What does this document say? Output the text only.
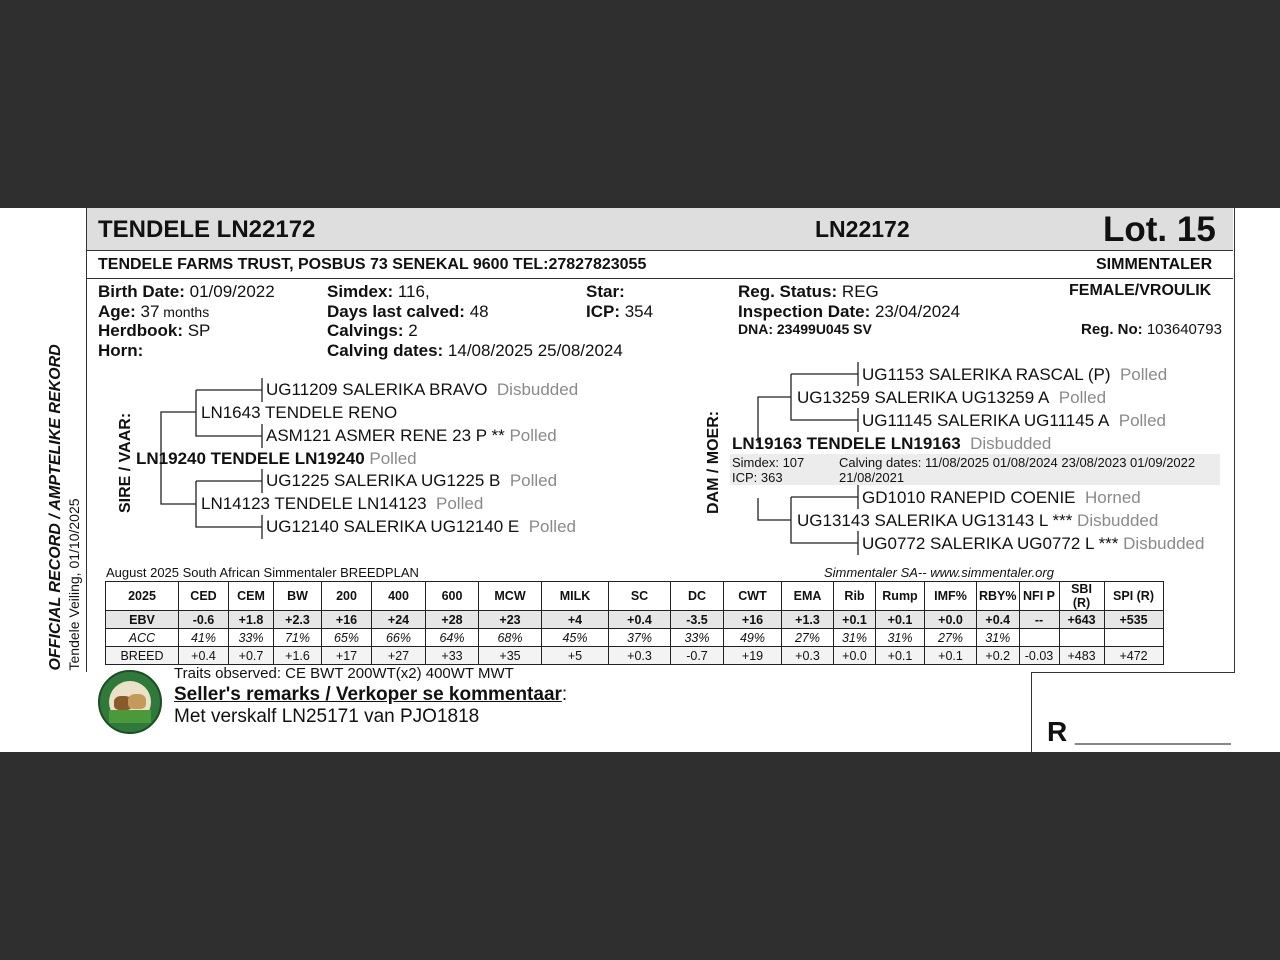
OFFICIAL RECORD / AMPTELIKE REKORD Tendele Veiling, 01/10/2025
TENDELE LN22172	LN22172	Lot. 15
TENDELE FARMS TRUST, POSBUS 73 SENEKAL 9600 TEL:27827823055	SIMMENTALER
Birth Date: 01/09/2022
Age: 37 months
Herdbook: SP
Horn:
Simdex: 116,
Days last calved: 48
Calvings: 2
Calving dates: 14/08/2025 25/08/2024
Star:
ICP: 354
Reg. Status: REG
Inspection Date: 23/04/2024
DNA: 23499U045 SV
FEMALE/VROULIK
Reg. No: 103640793
SIRE / VAAR:
UG11209 SALERIKA BRAVO Disbudded
LN1643 TENDELE RENO
ASM121 ASMER RENE 23 P ** Polled
LN19240 TENDELE LN19240 Polled
UG1225 SALERIKA UG1225 B Polled
LN14123 TENDELE LN14123 Polled
UG12140 SALERIKA UG12140 E Polled
DAM / MOER:
UG1153 SALERIKA RASCAL (P) Polled
UG13259 SALERIKA UG13259 A Polled
UG11145 SALERIKA UG11145 A Polled
LN19163 TENDELE LN19163 Disbudded
Simdex: 107
ICP: 363
Calving dates: 11/08/2025 01/08/2024 23/08/2023 01/09/2022
21/08/2021
GD1010 RANEPID COENIE Horned
UG13143 SALERIKA UG13143 L *** Disbudded
UG0772 SALERIKA UG0772 L *** Disbudded
August 2025 South African Simmentaler BREEDPLAN	Simmentaler SA-- www.simmentaler.org
2025	CED	CEM	BW	200	400	600	MCW	MILK	SC	DC	CWT	EMA	Rib	Rump	IMF%	RBY%	NFI P	SBI (R)	SPI (R)
EBV	-0.6	+1.8	+2.3	+16	+24	+28	+23	+4	+0.4	-3.5	+16	+1.3	+0.1	+0.1	+0.0	+0.4	--	+643	+535
ACC	41%	33%	71%	65%	66%	64%	68%	45%	37%	33%	49%	27%	31%	31%	27%	31%			
BREED	+0.4	+0.7	+1.6	+17	+27	+33	+35	+5	+0.3	-0.7	+19	+0.3	+0.0	+0.1	+0.1	+0.2	-0.03	+483	+472
Traits observed: CE BWT 200WT(x2) 400WT MWT
Seller's remarks / Verkoper se kommentaar:
Met verskalf LN25171 van PJO1818	R __________
